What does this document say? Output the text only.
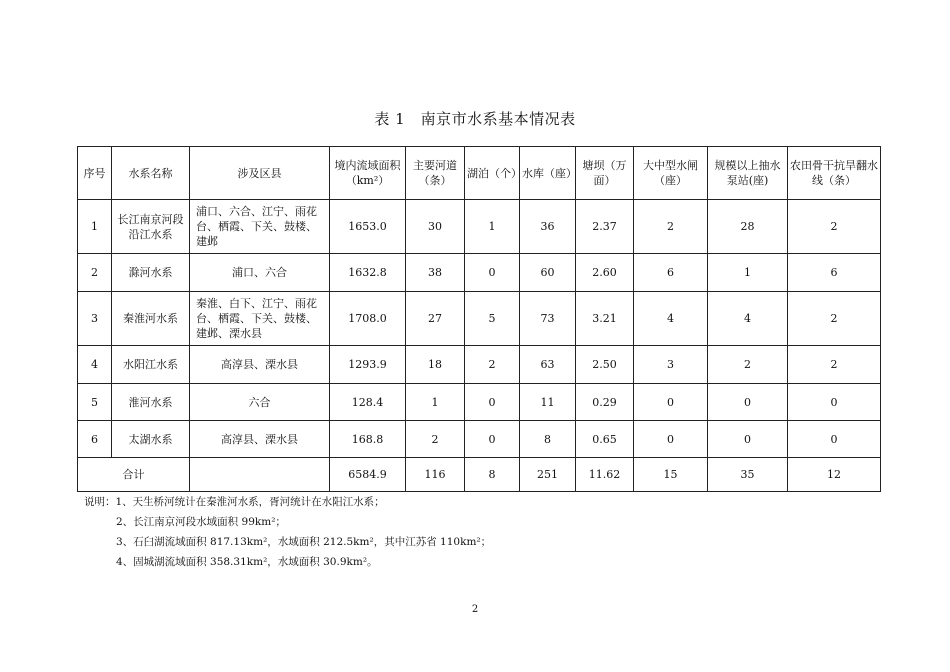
表 1　南京市水系基本情况表
序号	水系名称	涉及区县	境内流域面积（km²）	主要河道（条）	湖泊（个）	水库（座）	塘坝（万面）	大中型水闸（座）	规模以上抽水泵站(座)	农田骨干抗旱翻水线（条）
1	长江南京河段沿江水系	浦口、六合、江宁、雨花台、栖霞、下关、鼓楼、建邺	1653.0	30	1	36	2.37	2	28	2
2	滁河水系	浦口、六合	1632.8	38	0	60	2.60	6	1	6
3	秦淮河水系	秦淮、白下、江宁、雨花台、栖霞、下关、鼓楼、建邺、溧水县	1708.0	27	5	73	3.21	4	4	2
4	水阳江水系	高淳县、溧水县	1293.9	18	2	63	2.50	3	2	2
5	淮河水系	六合	128.4	1	0	11	0.29	0	0	0
6	太湖水系	高淳县、溧水县	168.8	2	0	8	0.65	0	0	0
合计			6584.9	116	8	251	11.62	15	35	12
说明：1、天生桥河统计在秦淮河水系，胥河统计在水阳江水系；
2、长江南京河段水域面积 99km²；
3、石臼湖流域面积 817.13km²，水域面积 212.5km²，其中江苏省 110km²；
4、固城湖流域面积 358.31km²，水域面积 30.9km²。
2
